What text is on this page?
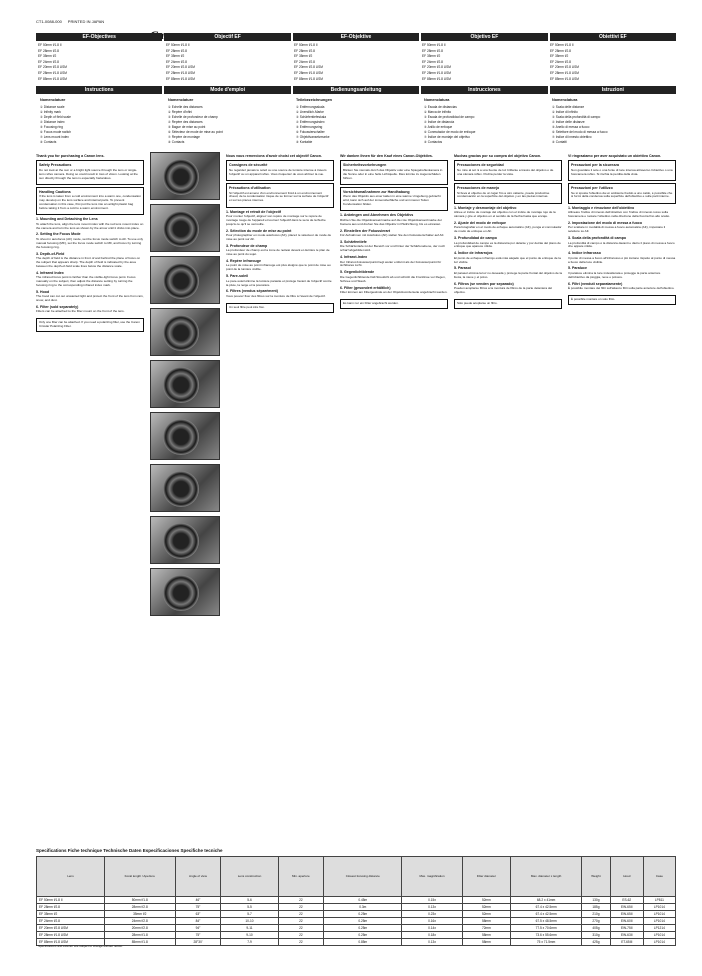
CT1-0088-000 PRINTED IN JAPAN
EF-Objectives	Objectif EF	EF-Objektive	Objetivo EF	Obiettivi EF

EF 50mm f/1.8 II

EF 28mm f/2.8

EF 35mm f/2

EF 24mm f/2.8

EF 20mm f/2.8 USM

EF 28mm f/1.8 USM

EF 85mm f/1.8 USM

EF 50mm f/1.8 II

EF 28mm f/2.8

EF 35mm f/2

EF 24mm f/2.8

EF 20mm f/2.8 USM

EF 28mm f/1.8 USM

EF 85mm f/1.8 USM

EF 50mm f/1.8 II

EF 28mm f/2.8

EF 35mm f/2

EF 24mm f/2.8

EF 20mm f/2.8 USM

EF 28mm f/1.8 USM

EF 85mm f/1.8 USM

EF 50mm f/1.8 II

EF 28mm f/2.8

EF 35mm f/2

EF 24mm f/2.8

EF 20mm f/2.8 USM

EF 28mm f/1.8 USM

EF 85mm f/1.8 USM

EF 50mm f/1.8 II

EF 28mm f/2.8

EF 35mm f/2

EF 24mm f/2.8

EF 20mm f/2.8 USM

EF 28mm f/1.8 USM

EF 85mm f/1.8 USM

Instructions	Mode d'emploi	Bedienungsanleitung	Instrucciones	Istruzioni
Nomenclature

① Distance scale

② Infinity mark

③ Depth of field scale

④ Distance index

⑤ Focusing ring

⑥ Focus mode switch

⑦ Lens mount index

⑧ Contacts

Nomenclature

① Echelle des distances

② Repère d'infini

③ Echelle de profondeur de champ

④ Repère des distances

⑤ Bague de mise au point

⑥ Sélecteur de mode de mise au point

⑦ Repère de montage

⑧ Contacts

Teilebezeichnungen

① Entfernungsskala

② Unendlich-Marke

③ Schärfentiefeskala

④ Entfernungsindex

⑤ Entfernungsring

⑥ Fokussierschalter

⑦ Objektivansetzmarke

⑧ Kontakte

Nomenclatura

① Escala de distancias

② Marca de infinito

③ Escala de profundidad de campo

④ Índice de distancia

⑤ Anillo de enfoque

⑥ Conmutador de modo de enfoque

⑦ Índice de montaje del objetivo

⑧ Contactos

Nomenclatura

① Scala delle distanze

② Indice di infinito

③ Scala della profondità di campo

④ Indice delle distanze

⑤ Anello di messa a fuoco

⑥ Selettore del modo di messa a fuoco

⑦ Indice di innesto obiettivo

⑧ Contatti

Thank you for purchasing a Canon lens.
Safety Precautions

Do not look at the sun or a bright light source through the lens or single-lens reflex camera. Doing so could result in loss of vision. Looking at the sun directly through the lens is especially hazardous.

Handling Cautions

If the lens is taken from a cold environment into a warm one, condensation may develop on the lens surface and internal parts. To prevent condensation in this case, first put the lens into an airtight plastic bag before taking it from a cold to a warm environment.

1. Mounting and Detaching the Lens

To attach the lens, align the lens mount index with the red lens mount index on the camera and turn the lens as shown by the arrow until it clicks into place.

2. Setting the Focus Mode

To shoot in autofocus (AF) mode, set the focus mode switch to AF. To use only manual focusing (MF), set the focus mode switch to MF, and focus by turning the focusing ring.

3. Depth-of-Field

The depth of field is the distance in front of and behind the plane of focus on the subject that appears sharp. The depth of field is indicated by the area between the depth-of-field scale lines below the distance scale.

4. Infrared Index

The infrared focus point is farther than the visible-light focus point. Focus manually on the subject, then adjust the distance setting by turning the focusing ring to the corresponding infrared index mark.

5. Hood

The hood can cut out unwanted light and protect the front of the lens from rain, snow, and dust.

6. Filter (sold separately)

Filters can be attached to the filter mount on the front of the lens.

Only one filter can be attached. If you need a polarizing filter, use the Canon Circular Polarizing Filter.
Nous vous remercions d'avoir choisi cet objectif Canon.
Consignes de sécurité

Ne regardez jamais le soleil ou une source de lumière intense à travers l'objectif ou un appareil reflex. Vous risqueriez de vous abîmer la vue.

Précautions d'utilisation

Si l'objectif est amené d'un environnement froid à un environnement chaud, de la condensation risque de se former sur la surface de l'objectif et sur les pièces internes.

1. Montage et retrait de l'objectif

Pour monter l'objectif, alignez son repère de montage sur le repère de montage rouge de l'appareil et tournez l'objectif dans le sens de la flèche jusqu'à ce qu'il se verrouille.

2. Sélection du mode de mise au point

Pour photographier en mode autofocus (AF), placez le sélecteur de mode de mise au point sur AF.

3. Profondeur de champ

La profondeur de champ est la zone de netteté devant et derrière le plan de mise au point du sujet.

4. Repère infrarouge

Le point de mise au point infrarouge est plus éloigné que le point de mise au point de la lumière visible.

5. Pare-soleil

Le pare-soleil élimine la lumière parasite et protège l'avant de l'objectif contre la pluie, la neige et la poussière.

6. Filtres (vendus séparément)

Vous pouvez fixer des filtres sur la monture de filtre à l'avant de l'objectif.

Un seul filtre peut être fixé.
Wir danken Ihnen für den Kauf eines Canon-Objektivs.
Sicherheitsvorkehrungen

Blicken Sie niemals durch das Objektiv oder eine Spiegelreflexkamera in die Sonne oder in eine helle Lichtquelle. Dies könnte zu Augenschäden führen.

Vorsichtsmaßnahmen zur Handhabung

Wenn das Objektiv aus einer kalten in eine warme Umgebung gebracht wird, kann sich auf der Linsenoberfläche und an inneren Teilen Kondensation bilden.

1. Anbringen und Abnehmen des Objektivs

Richten Sie die Objektivansetzmarke auf die rote Objektivansetzmarke der Kamera aus und drehen Sie das Objektiv in Pfeilrichtung, bis es einrastet.

2. Einstellen der Fokussierart

Für Aufnahmen mit Autofokus (AF) stellen Sie den Fokussierschalter auf AF.

3. Schärfentiefe

Die Schärfentiefe ist der Bereich vor und hinter der Schärfenebene, der noch scharf abgebildet wird.

4. Infrarot-Index

Der Infrarot-Fokussierpunkt liegt weiter entfernt als der Fokussierpunkt für sichtbares Licht.

5. Gegenlichtblende

Die Gegenlichtblende hält Streulicht ab und schützt die Frontlinse vor Regen, Schnee und Staub.

6. Filter (gesondert erhältlich)

Filter können am Filtergewinde an der Objektivvorderseite angebracht werden.

Es kann nur ein Filter angebracht werden.
Muchas gracias por su compra del objetivo Canon.
Precauciones de seguridad

No mire al sol ni a una fuente de luz brillante a través del objetivo o de una cámara réflex. Podría perder la vista.

Precauciones de manejo

Si lleva el objetivo de un lugar frío a otro caliente, puede producirse condensación en la superficie del objetivo y en las piezas internas.

1. Montaje y desmontaje del objetivo

Alinee el índice de montaje del objetivo con el índice de montaje rojo de la cámara y gire el objetivo en el sentido de la flecha hasta que encaje.

2. Ajuste del modo de enfoque

Para fotografiar en el modo de enfoque automático (AF), ponga el conmutador de modo de enfoque en AF.

3. Profundidad de campo

La profundidad de campo es la distancia por delante y por detrás del plano de enfoque que aparece nítida.

4. Índice de infrarrojos

El punto de enfoque infrarrojo está más alejado que el punto de enfoque de la luz visible.

5. Parasol

El parasol elimina la luz no deseada y protege la parte frontal del objetivo de la lluvia, la nieve y el polvo.

6. Filtros (se venden por separado)

Pueden acoplarse filtros a la montura de filtros de la parte delantera del objetivo.

Sólo puede acoplarse un filtro.
Vi ringraziamo per aver acquistato un obiettivo Canon.
Precauzioni per la sicurezza

Non guardare il sole o una fonte di luce intensa attraverso l'obiettivo o una fotocamera reflex. Si rischia la perdita della vista.

Precauzioni per l'utilizzo

Se si sposta l'obiettivo da un ambiente freddo a uno caldo, è possibile che si formi della condensa sulla superficie dell'obiettivo e sulle parti interne.

1. Montaggio e rimozione dell'obiettivo

Allineare l'indice di innesto dell'obiettivo con l'indice di innesto rosso sulla fotocamera e ruotare l'obiettivo nella direzione della freccia fino allo scatto.

2. Impostazione del modo di messa a fuoco

Per scattare in modalità di messa a fuoco automatica (AF), impostare il selettore su AF.

3. Scala della profondità di campo

La profondità di campo è la distanza davanti e dietro il piano di messa a fuoco che appare nitida.

4. Indice infrarosso

Il punto di messa a fuoco all'infrarosso è più lontano rispetto al punto di messa a fuoco della luce visibile.

5. Paraluce

Il paraluce elimina la luce indesiderata e protegge la parte anteriore dell'obiettivo da pioggia, neve e polvere.

6. Filtri (venduti separatamente)

È possibile montare dei filtri sull'attacco filtri sulla parte anteriore dell'obiettivo.

È possibile montare un solo filtro.
Specifications Fiche technique Technische Daten Especificaciones Specifiche tecniche
Lens	Focal length / Aperture	Angle of view	Lens construction	Min. aperture	Closest focusing distance	Max. magnification	Filter diameter	Max. diameter x length	Weight	Hood	Case
EF 50mm f/1.8 II	50mm f/1.8	46°	5-6	22	0.45m	0.15x	52mm	68.2 x 41mm	130g	ES-62	LP811
EF 28mm f/2.8	28mm f/2.8	75°	5-5	22	0.3m	0.13x	52mm	67.4 x 42.5mm	185g	EW-65II	LP1014
EF 35mm f/2	35mm f/2	63°	5-7	22	0.25m	0.23x	52mm	67.4 x 42.5mm	210g	EW-65II	LP1014
EF 24mm f/2.8	24mm f/2.8	84°	10-10	22	0.25m	0.16x	58mm	67.5 x 48.5mm	270g	EW-60II	LP1014
EF 20mm f/2.8 USM	20mm f/2.8	94°	9-11	22	0.25m	0.14x	72mm	77.5 x 70.6mm	405g	EW-75II	LP1214
EF 28mm f/1.8 USM	28mm f/1.8	75°	9-10	22	0.25m	0.18x	58mm	73.6 x 55.6mm	310g	EW-63II	LP1014
EF 85mm f/1.8 USM	85mm f/1.8	28°30'	7-9	22	0.85m	0.13x	58mm	75 x 71.5mm	425g	ET-65III	LP1014
* Specifications and exterior are subject to change without notice.
